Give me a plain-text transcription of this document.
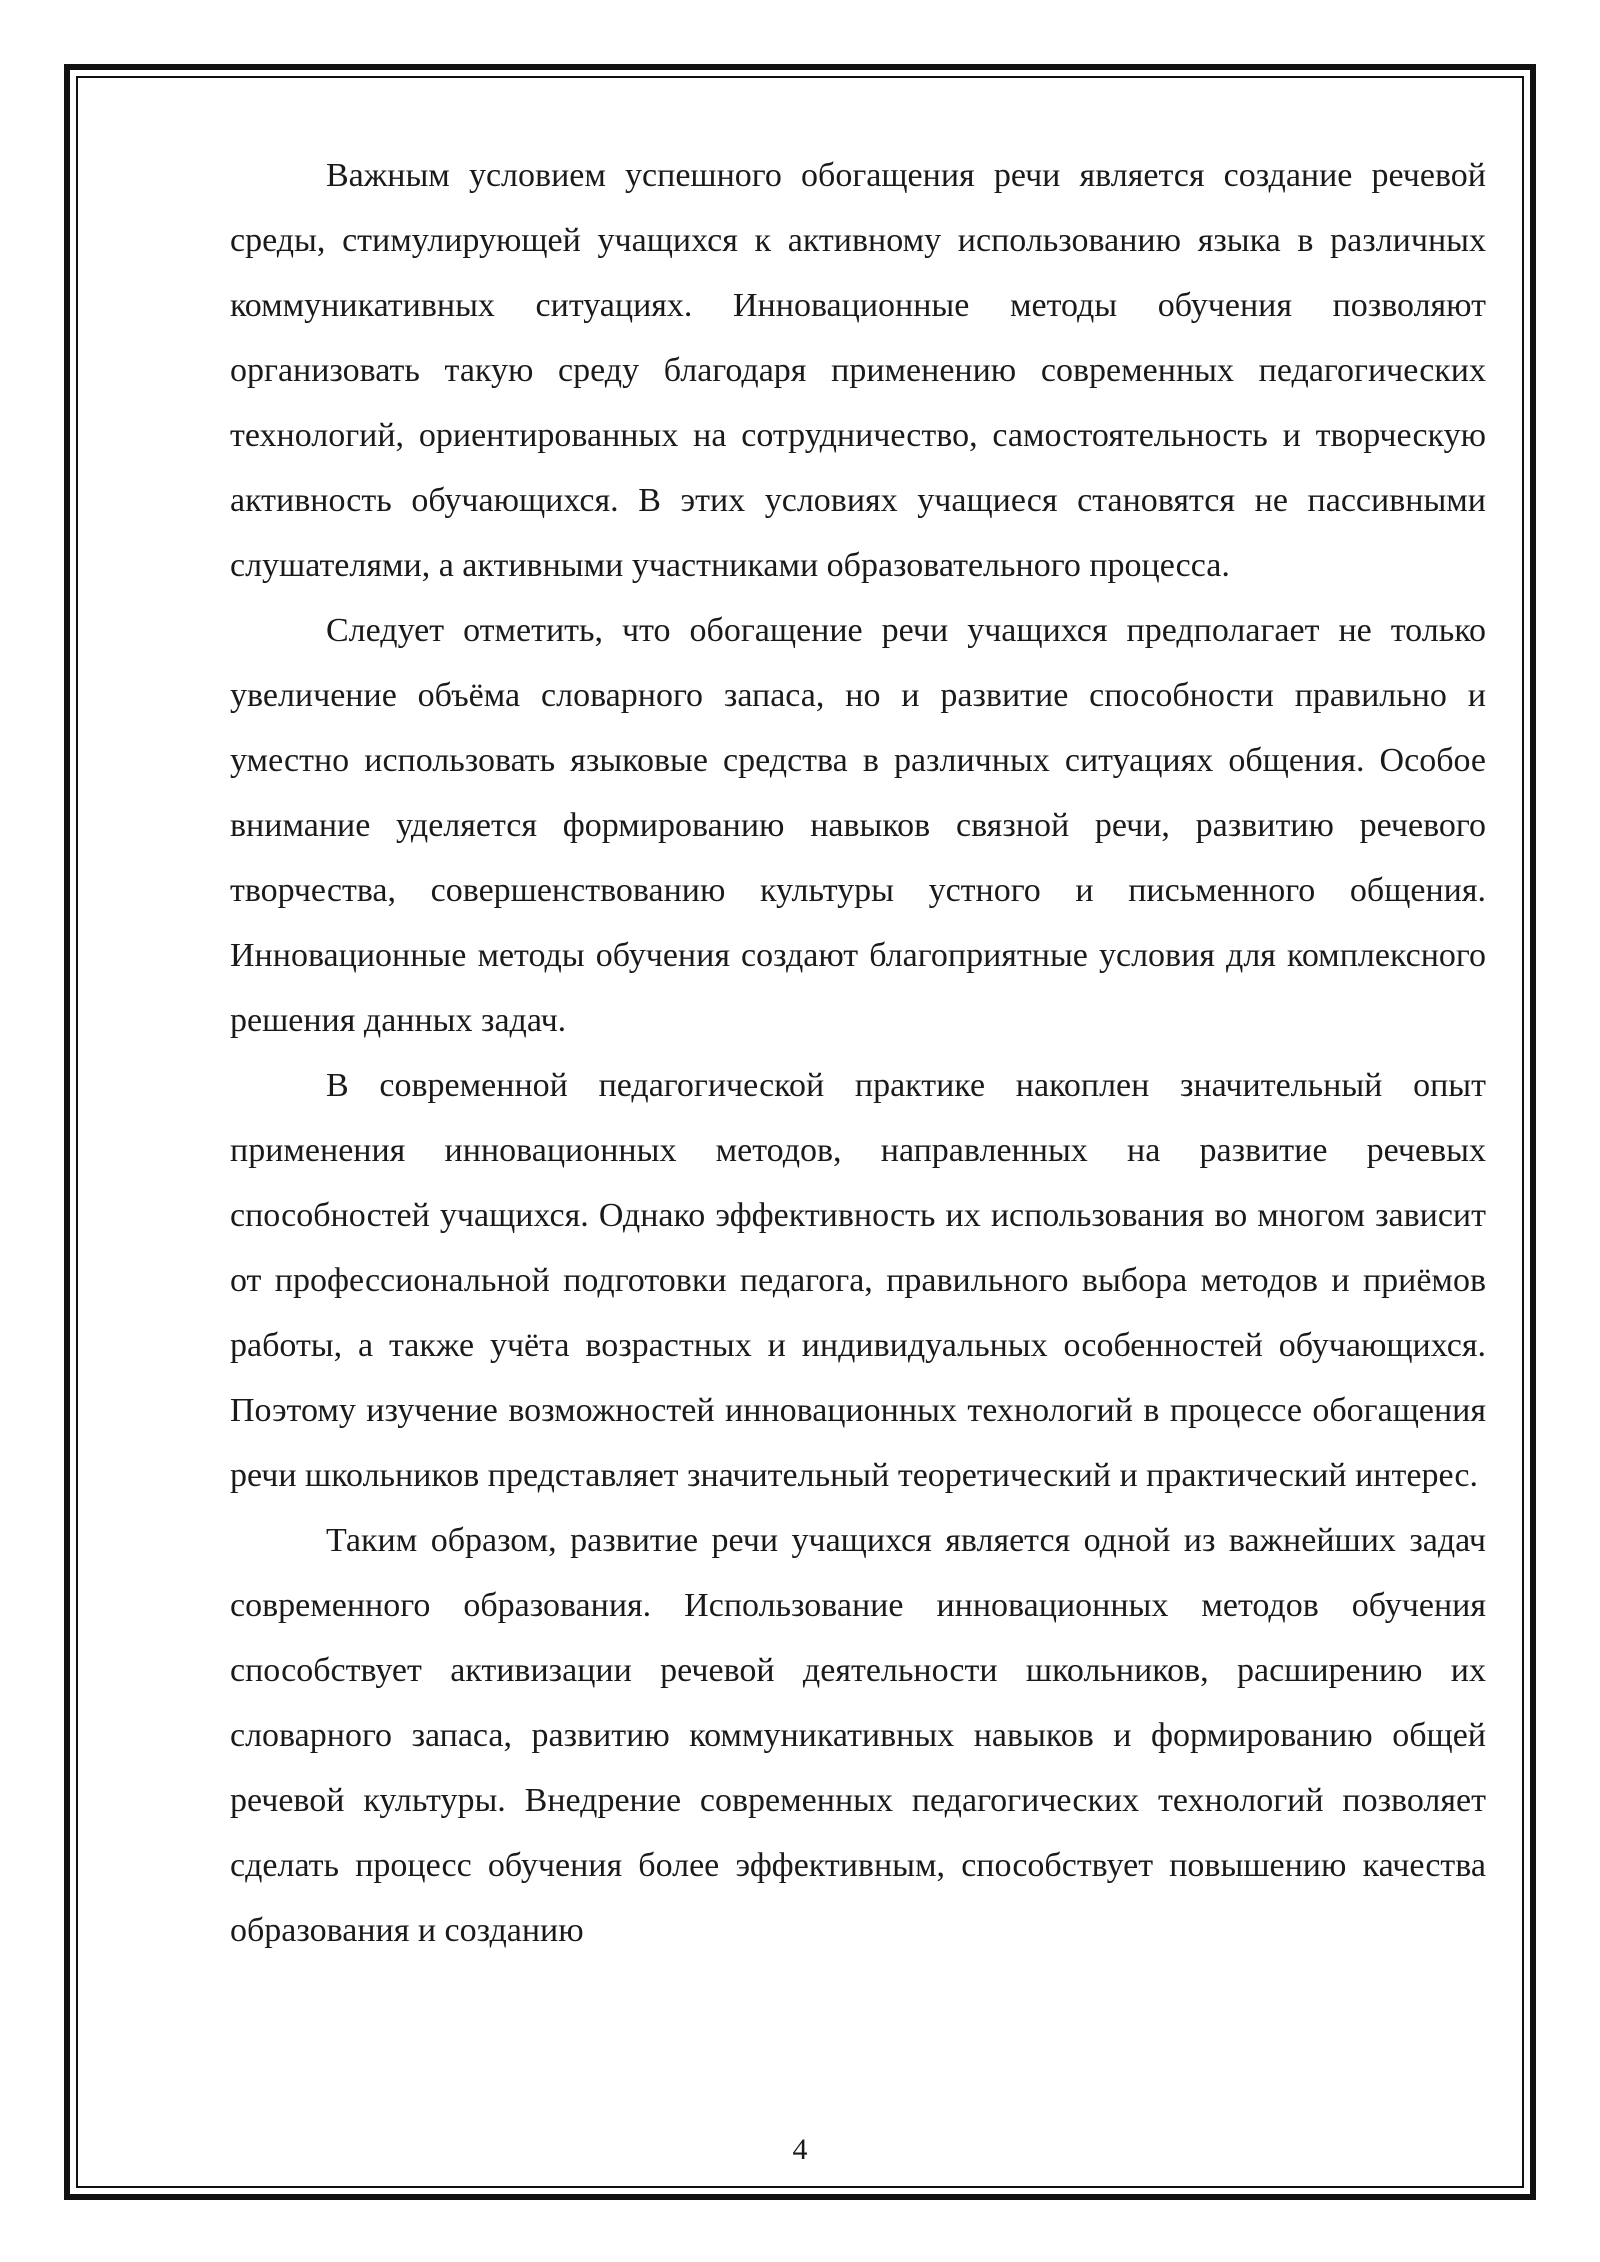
Важным условием успешного обогащения речи является создание речевой среды, стимулирующей учащихся к активному использованию языка в различных коммуникативных ситуациях. Инновационные методы обучения позволяют организовать такую среду благодаря применению современных педагогических технологий, ориентированных на сотрудничество, самостоятельность и творческую активность обучающихся. В этих условиях учащиеся становятся не пассивными слушателями, а активными участниками образовательного процесса.

Следует отметить, что обогащение речи учащихся предполагает не только увеличение объёма словарного запаса, но и развитие способности правильно и уместно использовать языковые средства в различных ситуациях общения. Особое внимание уделяется формированию навыков связной речи, развитию речевого творчества, совершенствованию культуры устного и письменного общения. Инновационные методы обучения создают благоприятные условия для комплексного решения данных задач.

В современной педагогической практике накоплен значительный опыт применения инновационных методов, направленных на развитие речевых способностей учащихся. Однако эффективность их использования во многом зависит от профессиональной подготовки педагога, правильного выбора методов и приёмов работы, а также учёта возрастных и индивидуальных особенностей обучающихся. Поэтому изучение возможностей инновационных технологий в процессе обогащения речи школьников представляет значительный теоретический и практический интерес.

Таким образом, развитие речи учащихся является одной из важнейших задач современного образования. Использование инновационных методов обучения способствует активизации речевой деятельности школьников, расширению их словарного запаса, развитию коммуникативных навыков и формированию общей речевой культуры. Внедрение современных педагогических технологий позволяет сделать процесс обучения более эффективным, способствует повышению качества образования и созданию

4
